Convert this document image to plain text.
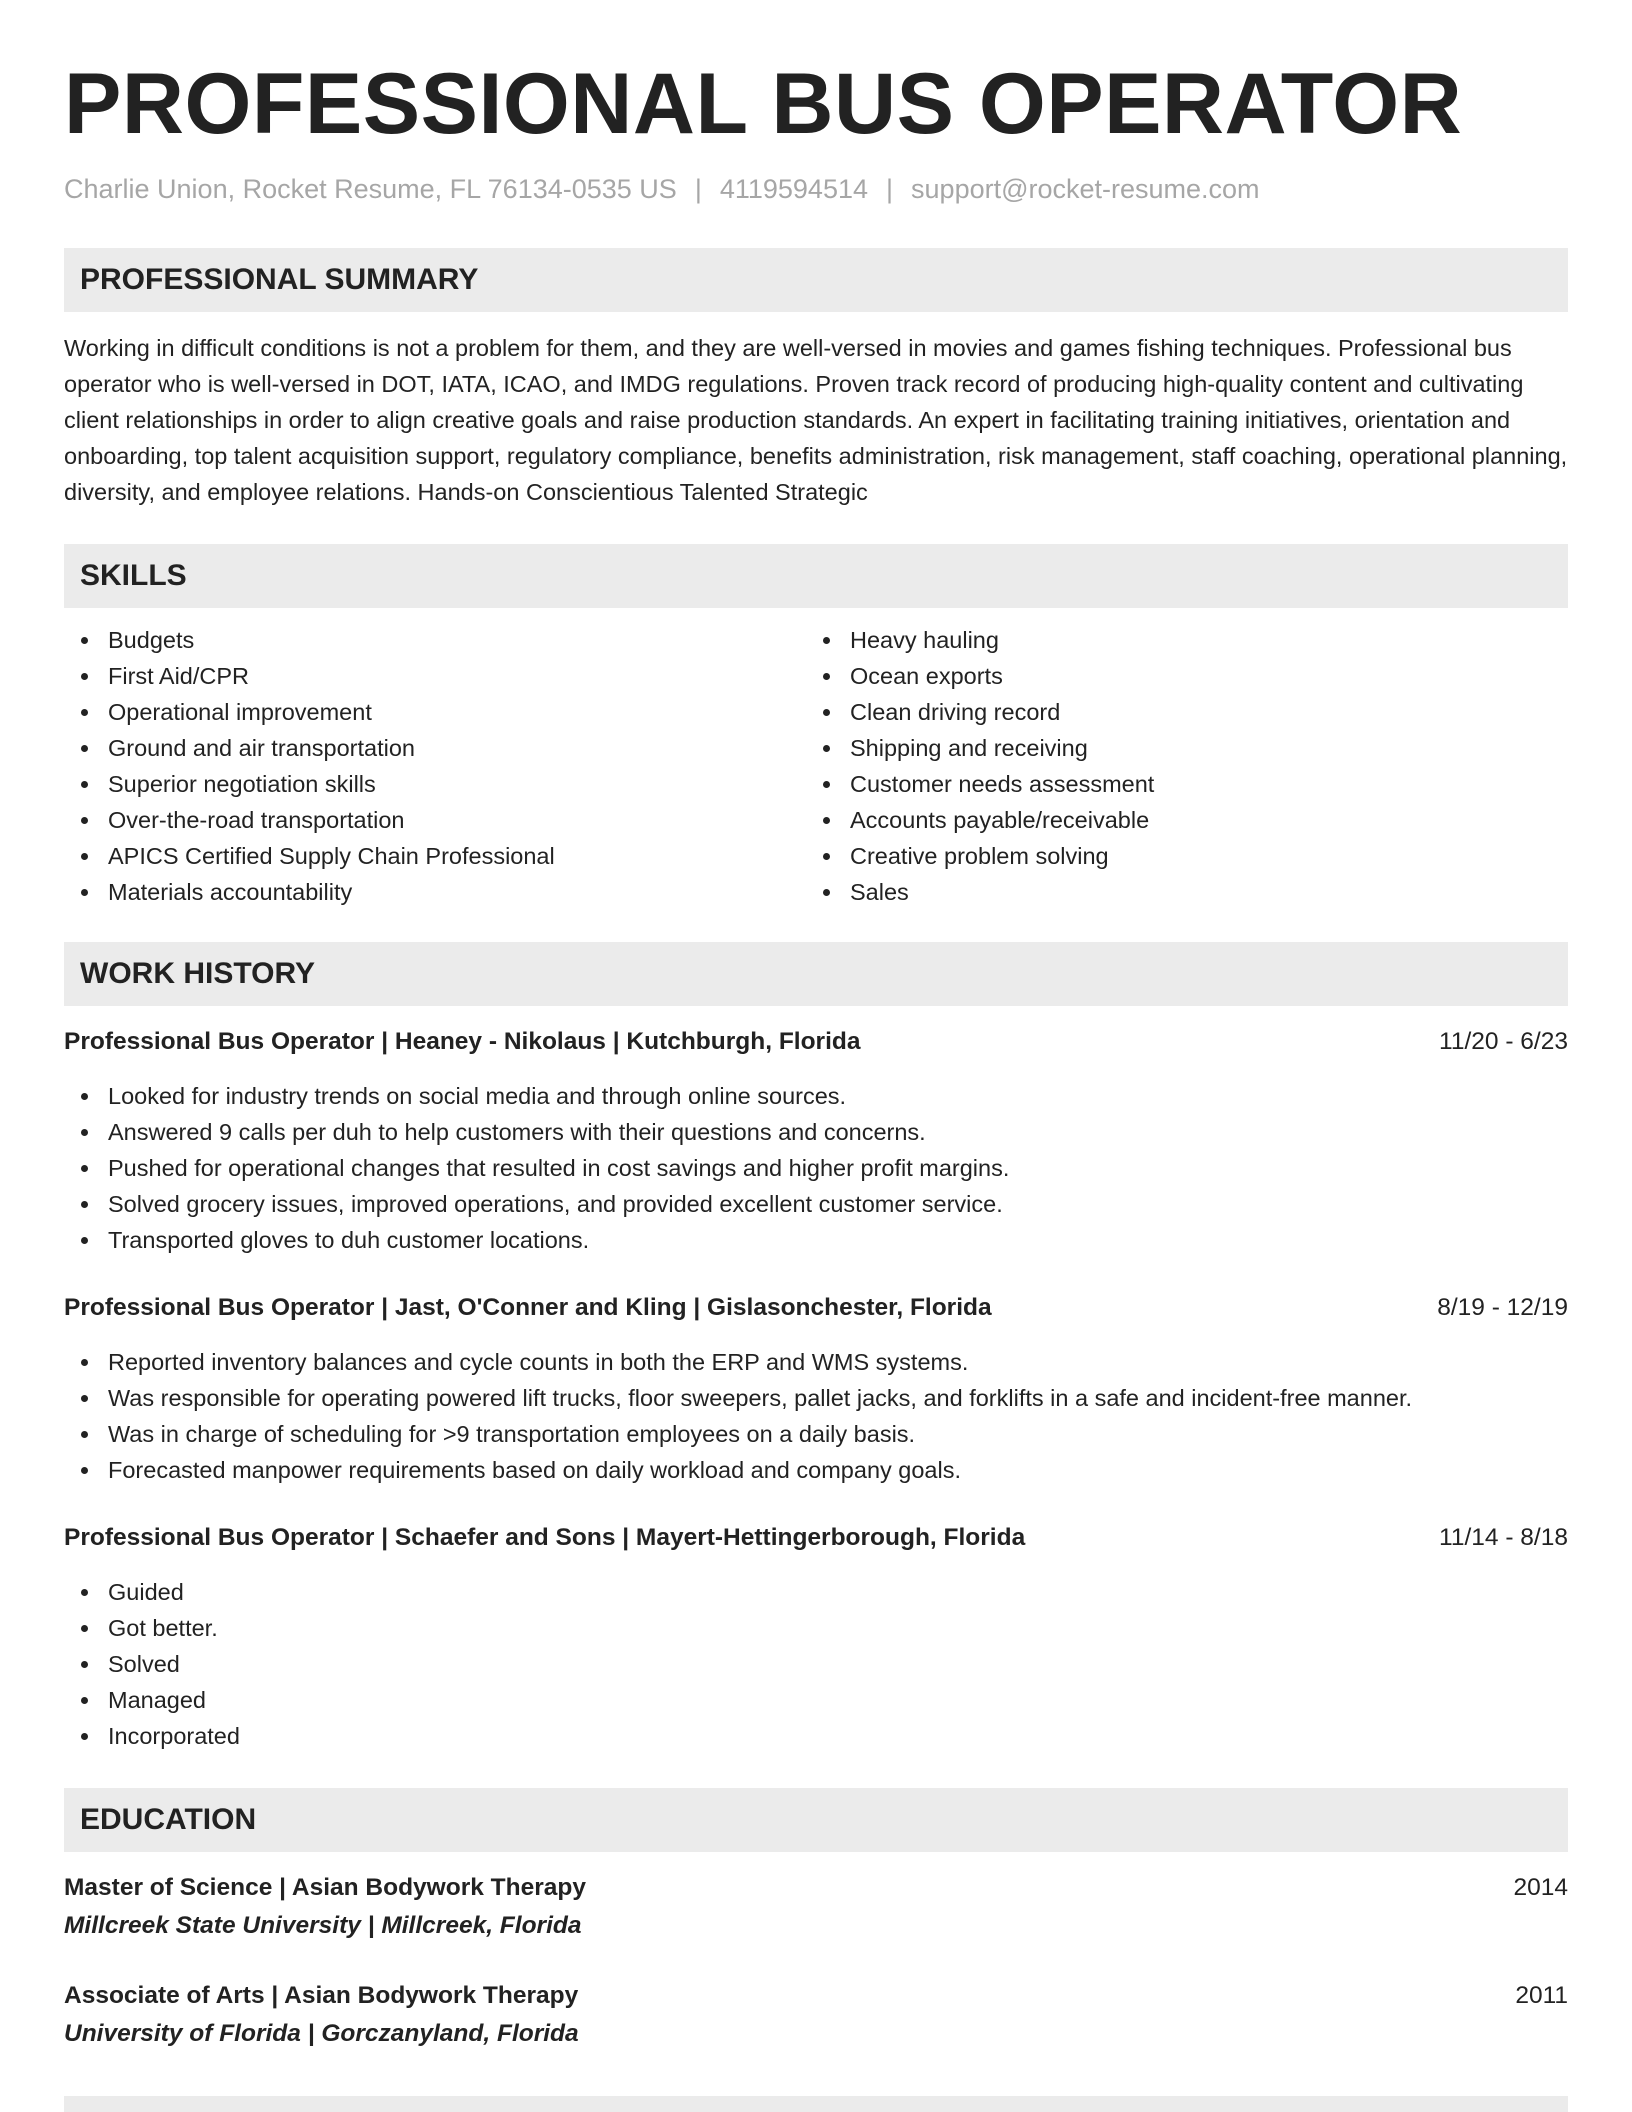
PROFESSIONAL BUS OPERATOR
Charlie Union, Rocket Resume, FL 76134-0535 US | 4119594514 | support@rocket-resume.com
PROFESSIONAL SUMMARY

Working in difficult conditions is not a problem for them, and they are well-versed in movies and games fishing techniques. Professional bus operator who is well-versed in DOT, IATA, ICAO, and IMDG regulations. Proven track record of producing high-quality content and cultivating client relationships in order to align creative goals and raise production standards. An expert in facilitating training initiatives, orientation and onboarding, top talent acquisition support, regulatory compliance, benefits administration, risk management, staff coaching, operational planning, diversity, and employee relations. Hands-on Conscientious Talented Strategic

SKILLS
Budgets
First Aid/CPR
Operational improvement
Ground and air transportation
Superior negotiation skills
Over-the-road transportation
APICS Certified Supply Chain Professional
Materials accountability
Heavy hauling
Ocean exports
Clean driving record
Shipping and receiving
Customer needs assessment
Accounts payable/receivable
Creative problem solving
Sales
WORK HISTORY
Professional Bus Operator | Heaney - Nikolaus | Kutchburgh, Florida	11/20 - 6/23
Looked for industry trends on social media and through online sources.
Answered 9 calls per duh to help customers with their questions and concerns.
Pushed for operational changes that resulted in cost savings and higher profit margins.
Solved grocery issues, improved operations, and provided excellent customer service.
Transported gloves to duh customer locations.
Professional Bus Operator | Jast, O'Conner and Kling | Gislasonchester, Florida	8/19 - 12/19
Reported inventory balances and cycle counts in both the ERP and WMS systems.
Was responsible for operating powered lift trucks, floor sweepers, pallet jacks, and forklifts in a safe and incident-free manner.
Was in charge of scheduling for >9 transportation employees on a daily basis.
Forecasted manpower requirements based on daily workload and company goals.
Professional Bus Operator | Schaefer and Sons | Mayert-Hettingerborough, Florida	11/14 - 8/18
Guided
Got better.
Solved
Managed
Incorporated
EDUCATION
Master of Science | Asian Bodywork Therapy	2014
Millcreek State University | Millcreek, Florida
Associate of Arts | Asian Bodywork Therapy	2011
University of Florida | Gorczanyland, Florida
